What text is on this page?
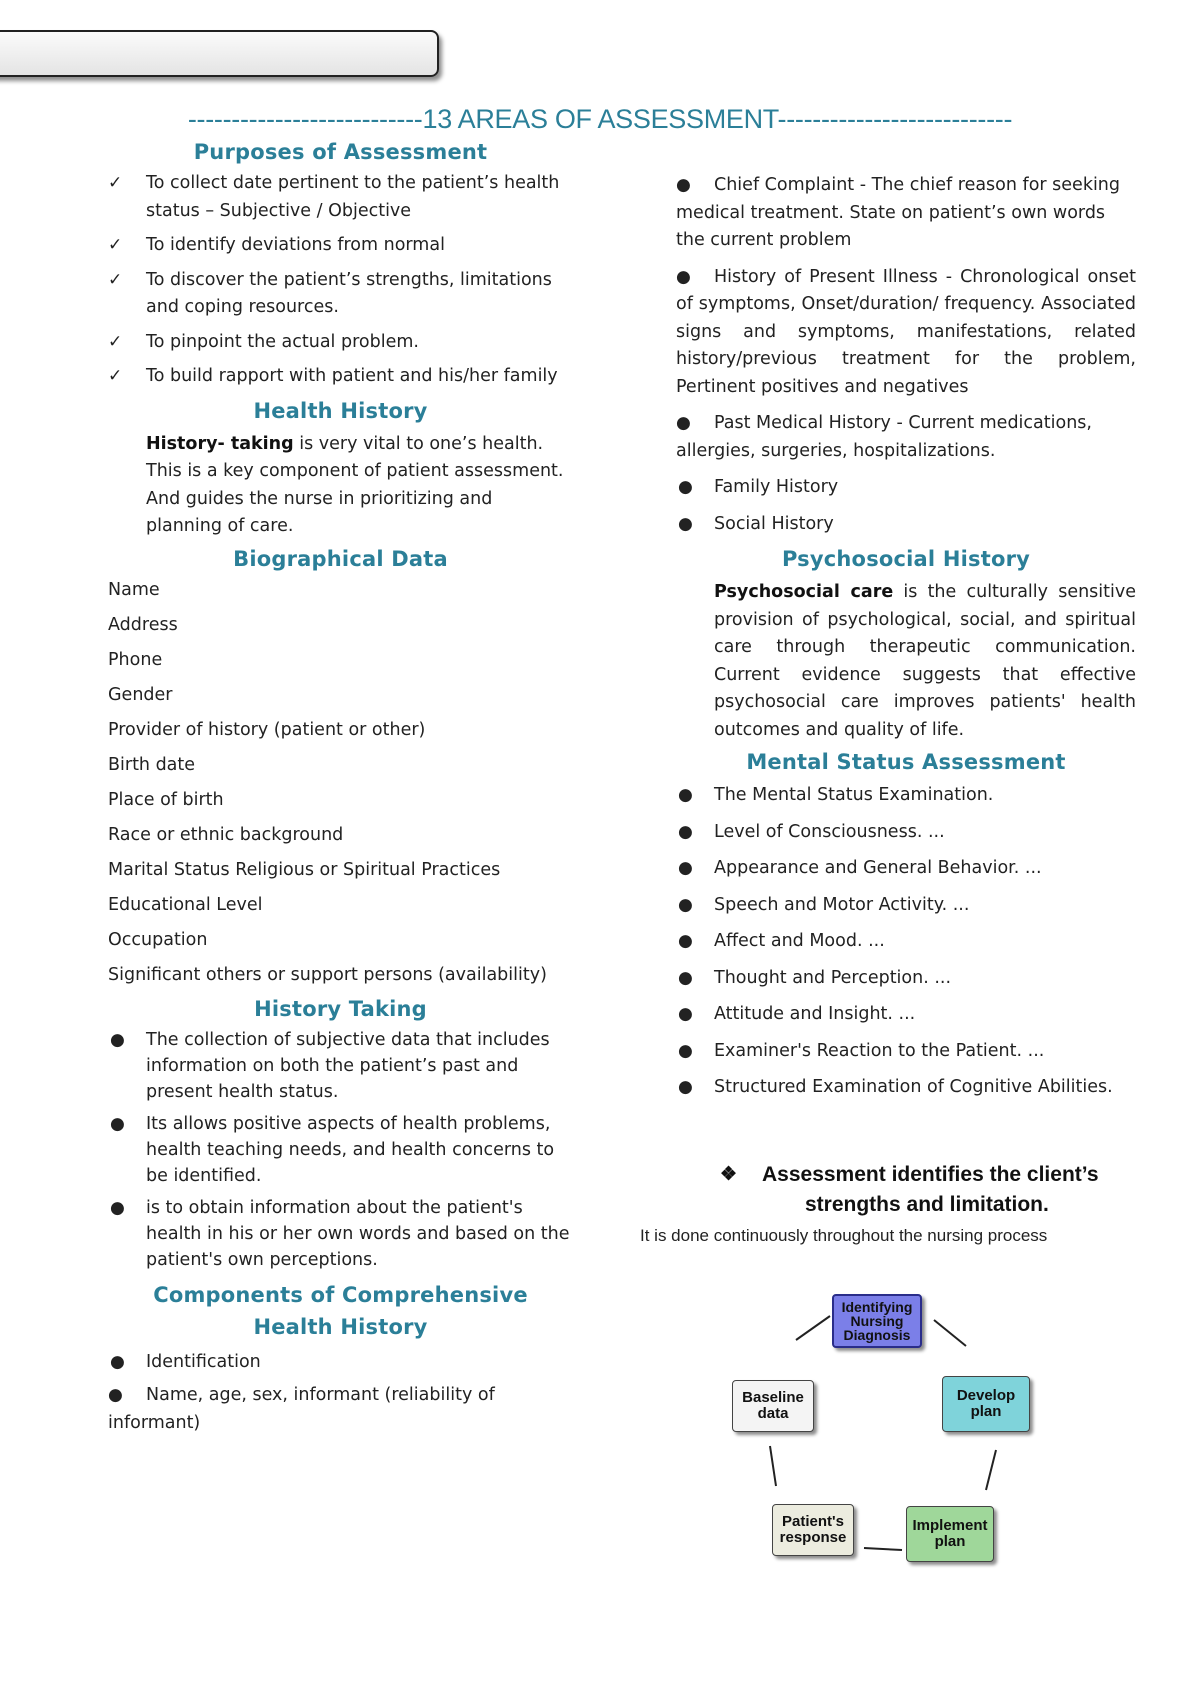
---------------------------13 AREAS OF ASSESSMENT---------------------------
Purposes of Assessment
✓ To collect date pertinent to the patient’s health status – Subjective / Objective
✓ To identify deviations from normal
✓ To discover the patient’s strengths, limitations and coping resources.
✓ To pinpoint the actual problem.
✓ To build rapport with patient and his/her family
Health History
History- taking is very vital to one’s health. This is a key component of patient assessment. And guides the nurse in prioritizing and planning of care.
Biographical Data
Name
Address
Phone
Gender
Provider of history (patient or other)
Birth date
Place of birth
Race or ethnic background
Marital Status Religious or Spiritual Practices
Educational Level
Occupation
Significant others or support persons (availability)
History Taking
● The collection of subjective data that includes information on both the patient’s past and present health status.
● Its allows positive aspects of health problems, health teaching needs, and health concerns to be identified.
● is to obtain information about the patient's health in his or her own words and based on the patient's own perceptions.
Components of Comprehensive
Health History
● Identification
● Name, age, sex, informant (reliability of informant)
● Chief Complaint - The chief reason for seeking medical treatment. State on patient’s own words the current problem
● History of Present Illness - Chronological onset of symptoms, Onset/duration/ frequency. Associated signs and symptoms, manifestations, related history/previous treatment for the problem, Pertinent positives and negatives
● Past Medical History - Current medications, allergies, surgeries, hospitalizations.
● Family History
● Social History
Psychosocial History
Psychosocial care is the culturally sensitive provision of psychological, social, and spiritual care through therapeutic communication. Current evidence suggests that effective psychosocial care improves patients' health outcomes and quality of life.
Mental Status Assessment
● The Mental Status Examination.
● Level of Consciousness. ...
● Appearance and General Behavior. ...
● Speech and Motor Activity. ...
● Affect and Mood. ...
● Thought and Perception. ...
● Attitude and Insight. ...
● Examiner's Reaction to the Patient. ...
● Structured Examination of Cognitive Abilities.
❖	Assessment identifies the client’s
strengths and limitation.
It is done continuously throughout the nursing process
Identifying Nursing Diagnosis
Baseline data
Develop plan
Patient's response
Implement plan
